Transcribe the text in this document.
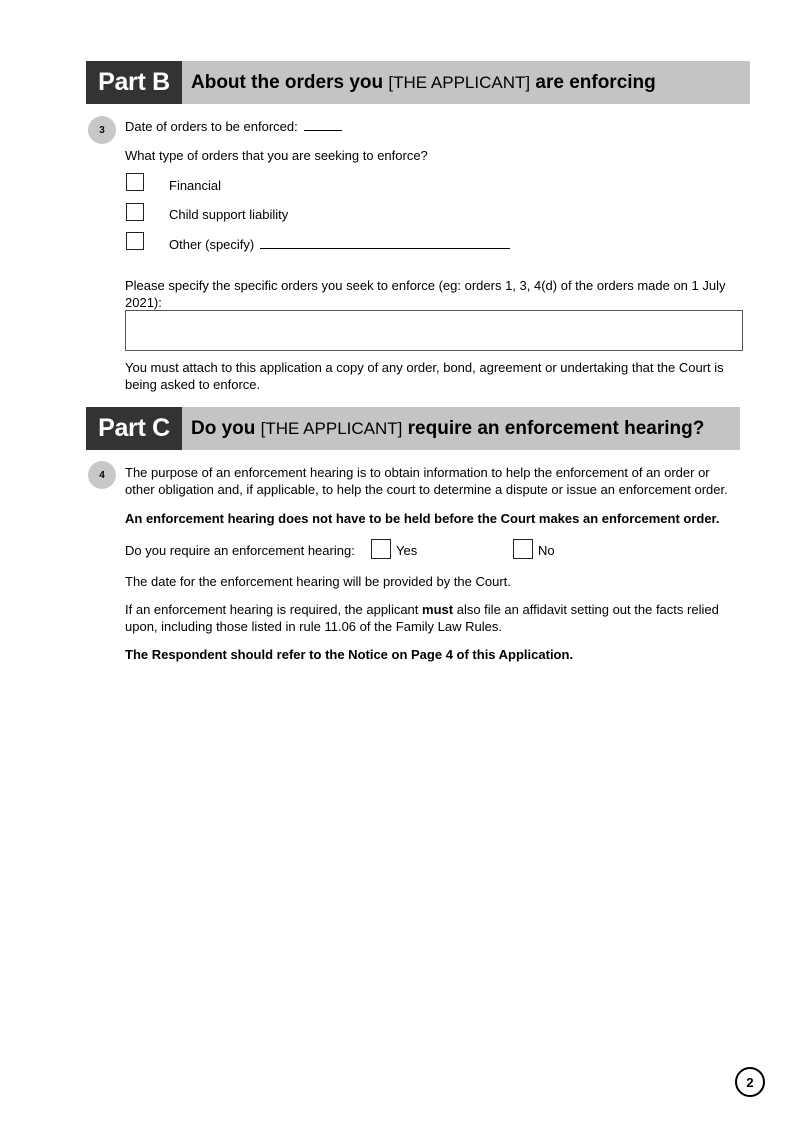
Part B	About the orders you [THE APPLICANT] are enforcing
3	Date of orders to be enforced:
What type of orders that you are seeking to enforce?
Financial
Child support liability
Other (specify)
Please specify the specific orders you seek to enforce (eg: orders 1, 3, 4(d) of the orders made on 1 July 2021):
You must attach to this application a copy of any order, bond, agreement or undertaking that the Court is being asked to enforce.
Part C	Do you [THE APPLICANT] require an enforcement hearing?
4	The purpose of an enforcement hearing is to obtain information to help the enforcement of an order or other obligation and, if applicable, to help the court to determine a dispute or issue an enforcement order.
An enforcement hearing does not have to be held before the Court makes an enforcement order.
Do you require an enforcement hearing:	Yes	No
The date for the enforcement hearing will be provided by the Court.
If an enforcement hearing is required, the applicant must also file an affidavit setting out the facts relied upon, including those listed in rule 11.06 of the Family Law Rules.
The Respondent should refer to the Notice on Page 4 of this Application.
2
